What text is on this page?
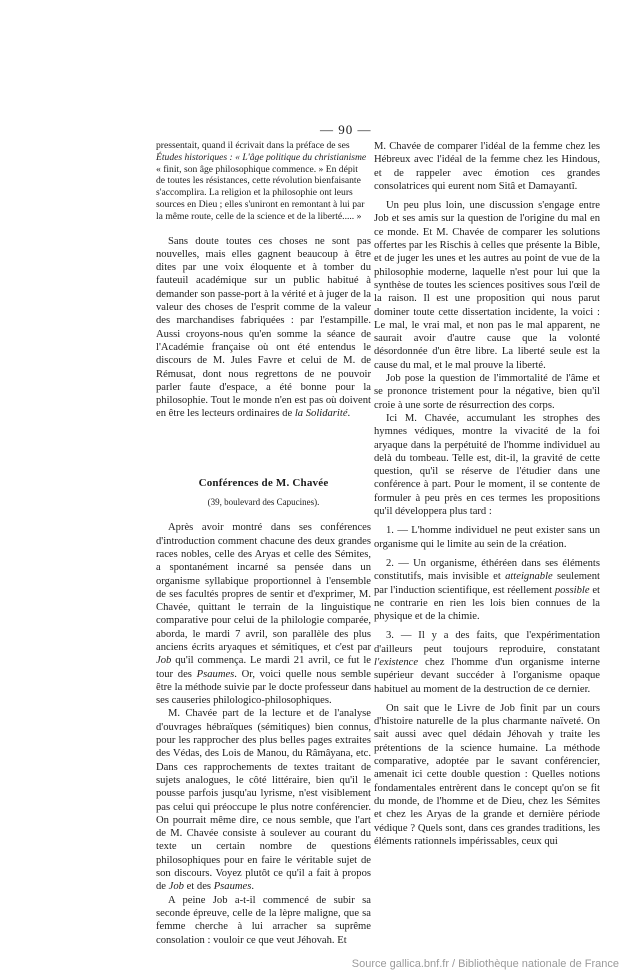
— 90 —

pressentait, quand il écrivait dans la préface de ses

Études historiques : « L'âge politique du christianisme

« finit, son âge philosophique commence. » En dépit

de toutes les résistances, cette révolution bienfaisante

s'accomplira. La religion et la philosophie ont leurs

sources en Dieu ; elles s'uniront en remontant à lui par

la même route, celle de la science et de la liberté..... »

Sans doute toutes ces choses ne sont pas nouvelles, mais elles gagnent beaucoup à être dites par une voix éloquente et à tomber du fauteuil académique sur un public habitué à demander son passe-port à la vérité et à juger de la valeur des choses de l'esprit comme de la valeur des marchandises fabriquées : par l'estampille. Aussi croyons-nous qu'en somme la séance de l'Académie française où ont été entendus le discours de M. Jules Favre et celui de M. de Rémusat, dont nous regrettons de ne pouvoir parler faute d'espace, a été bonne pour la philosophie. Tout le monde n'en est pas où doivent en être les lecteurs ordinaires de la Solidarité.

Conférences de M. Chavée

(39, boulevard des Capucines).

Après avoir montré dans ses conférences d'introduction comment chacune des deux grandes races nobles, celle des Aryas et celle des Sémites, a spontanément incarné sa pensée dans un organisme syllabique proportionnel à l'ensemble de ses facultés propres de sentir et d'exprimer, M. Chavée, quittant le terrain de la linguistique comparative pour celui de la philologie comparée, aborda, le mardi 7 avril, son parallèle des plus anciens écrits aryaques et sémitiques, et c'est par Job qu'il commença. Le mardi 21 avril, ce fut le tour des Psaumes. Or, voici quelle nous semble être la méthode suivie par le docte professeur dans ses causeries philologico-philosophiques.

M. Chavée part de la lecture et de l'analyse d'ouvrages hébraïques (sémitiques) bien connus, pour les rapprocher des plus belles pages extraites des Védas, des Lois de Manou, du Râmâyana, etc. Dans ces rapprochements de textes traitant de sujets analogues, le côté littéraire, bien qu'il le pousse parfois jusqu'au lyrisme, n'est visiblement pas celui qui préoccupe le plus notre conférencier. On pourrait même dire, ce nous semble, que l'art de M. Chavée consiste à soulever au courant du texte un certain nombre de questions philosophiques pour en faire le véritable sujet de son discours. Voyez plutôt ce qu'il a fait à propos de Job et des Psaumes.

A peine Job a-t-il commencé de subir sa seconde épreuve, celle de la lèpre maligne, que sa femme cherche à lui arracher sa suprême consolation : vouloir ce que veut Jéhovah. Et

M. Chavée de comparer l'idéal de la femme chez les Hébreux avec l'idéal de la femme chez les Hindous, et de rappeler avec émotion ces grandes consolatrices qui eurent nom Sitâ et Damayantî.

Un peu plus loin, une discussion s'engage entre Job et ses amis sur la question de l'origine du mal en ce monde. Et M. Chavée de comparer les solutions offertes par les Rischis à celles que présente la Bible, et de juger les unes et les autres au point de vue de la philosophie moderne, laquelle n'est pour lui que la synthèse de toutes les sciences positives sous l'œil de la raison. Il est une proposition qui nous parut dominer toute cette dissertation incidente, la voici : Le mal, le vrai mal, et non pas le mal apparent, ne saurait avoir d'autre cause que la volonté désordonnée d'un être libre. La liberté seule est la cause du mal, et le mal prouve la liberté.

Job pose la question de l'immortalité de l'âme et se prononce tristement pour la négative, bien qu'il croie à une sorte de résurrection des corps.

Ici M. Chavée, accumulant les strophes des hymnes védiques, montre la vivacité de la foi aryaque dans la perpétuité de l'homme individuel au delà du tombeau. Telle est, dit-il, la gravité de cette question, qu'il se réserve de l'étudier dans une conférence à part. Pour le moment, il se contente de formuler à peu près en ces termes les propositions qu'il développera plus tard :

1. — L'homme individuel ne peut exister sans un organisme qui le limite au sein de la création.

2. — Un organisme, éthéréen dans ses éléments constitutifs, mais invisible et atteignable seulement par l'induction scientifique, est réellement possible et ne contrarie en rien les lois bien connues de la physique et de la chimie.

3. — Il y a des faits, que l'expérimentation d'ailleurs peut toujours reproduire, constatant l'existence chez l'homme d'un organisme interne supérieur devant succéder à l'organisme opaque habituel au moment de la destruction de ce dernier.

On sait que le Livre de Job finit par un cours d'histoire naturelle de la plus charmante naïveté. On sait aussi avec quel dédain Jéhovah y traite les prétentions de la science humaine. La méthode comparative, adoptée par le savant conférencier, amenait ici cette double question : Quelles notions fondamentales entrèrent dans le concept qu'on se fit du monde, de l'homme et de Dieu, chez les Sémites et chez les Aryas de la grande et dernière période védique ? Quels sont, dans ces grandes traditions, les éléments rationnels impérissables, ceux qui

Source gallica.bnf.fr / Bibliothèque nationale de France
